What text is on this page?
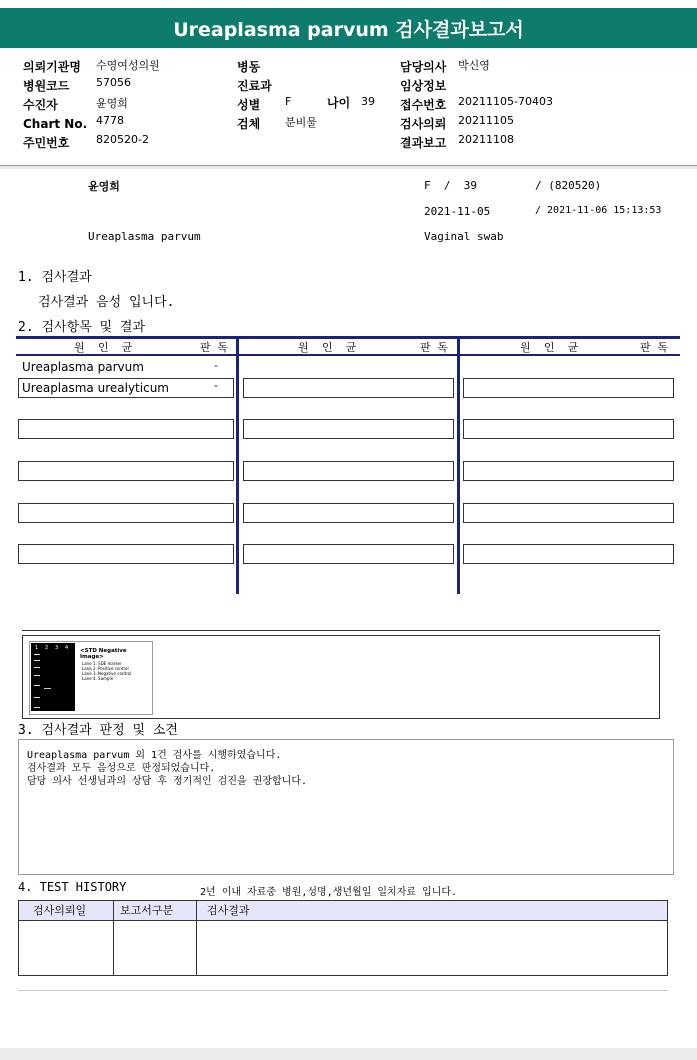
Ureaplasma parvum 검사결과보고서
의뢰기관명 수영여성의원
병원코드 57056
수진자	윤영희
Chart No. 4778
주민번호 820520-2
병동
진료과
성별 F	나이 39
검체 분비물
담당의사 박신영
임상정보
접수번호 20211105-70403
검사의뢰 20211105
결과보고 20211108
윤영희	F  /  39	/ (820520)
2021-11-05	/ 2021-11-06 15:13:53
Ureaplasma parvum	Vaginal swab
1. 검사결과
검사결과 음성 입니다.
2. 검사항목 및 결과
원  인  균	판 독	원  인  균	판 독	원  인  균	판 독
Ureaplasma parvum	-
Ureaplasma urealyticum	-
1 2 3 4 <STD Negative Image>
Lane 1. SDE marker
Lane 2. Positive control
Lane 3. Negative control
Lane 4. Sample
3. 검사결과 판정 및 소견
Ureaplasma parvum 외 1건 검사를 시행하였습니다.
검사결과 모두 음성으로 판정되었습니다.
담당 의사 선생님과의 상담 후 정기적인 검진을 권장합니다.
4. TEST HISTORY	2년 이내 자료중 병원,성명,생년월일 일치자료 입니다.
검사의뢰일	보고서구분	검사결과
